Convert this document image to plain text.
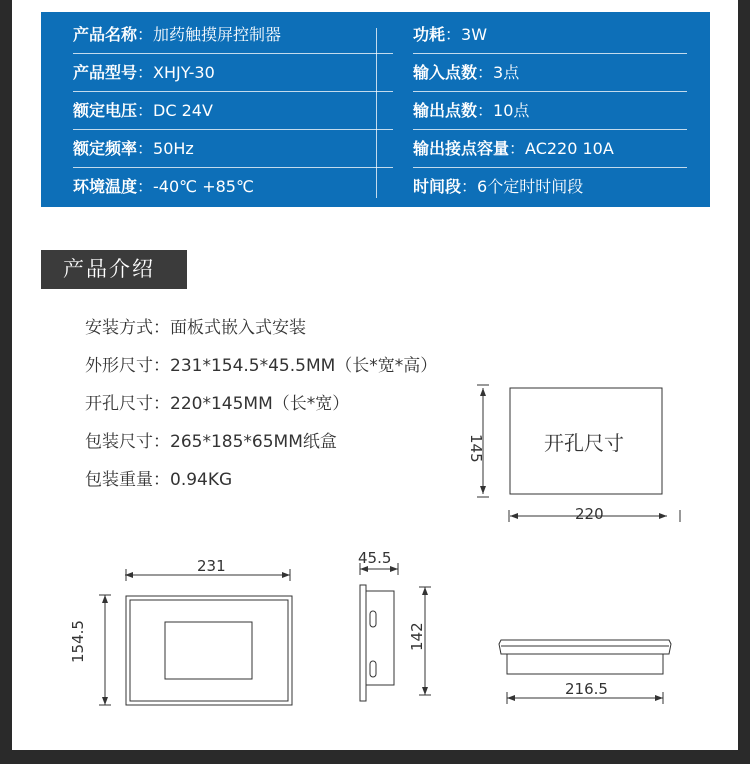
产品名称：加药触摸屏控制器
产品型号：XHJY-30
额定电压：DC 24V
额定频率：50Hz
环境温度：-40℃ +85℃
功耗：3W
输入点数：3点
输出点数：10点
输出接点容量：AC220 10A
时间段：6个定时时间段
产品介绍
安装方式：面板式嵌入式安装
外形尺寸：231*154.5*45.5MM（长*宽*高）
开孔尺寸：220*145MM（长*宽）
包装尺寸：265*185*65MM纸盒
包装重量：0.94KG
开孔尺寸
145
220
231
154.5
45.5
142
216.5
